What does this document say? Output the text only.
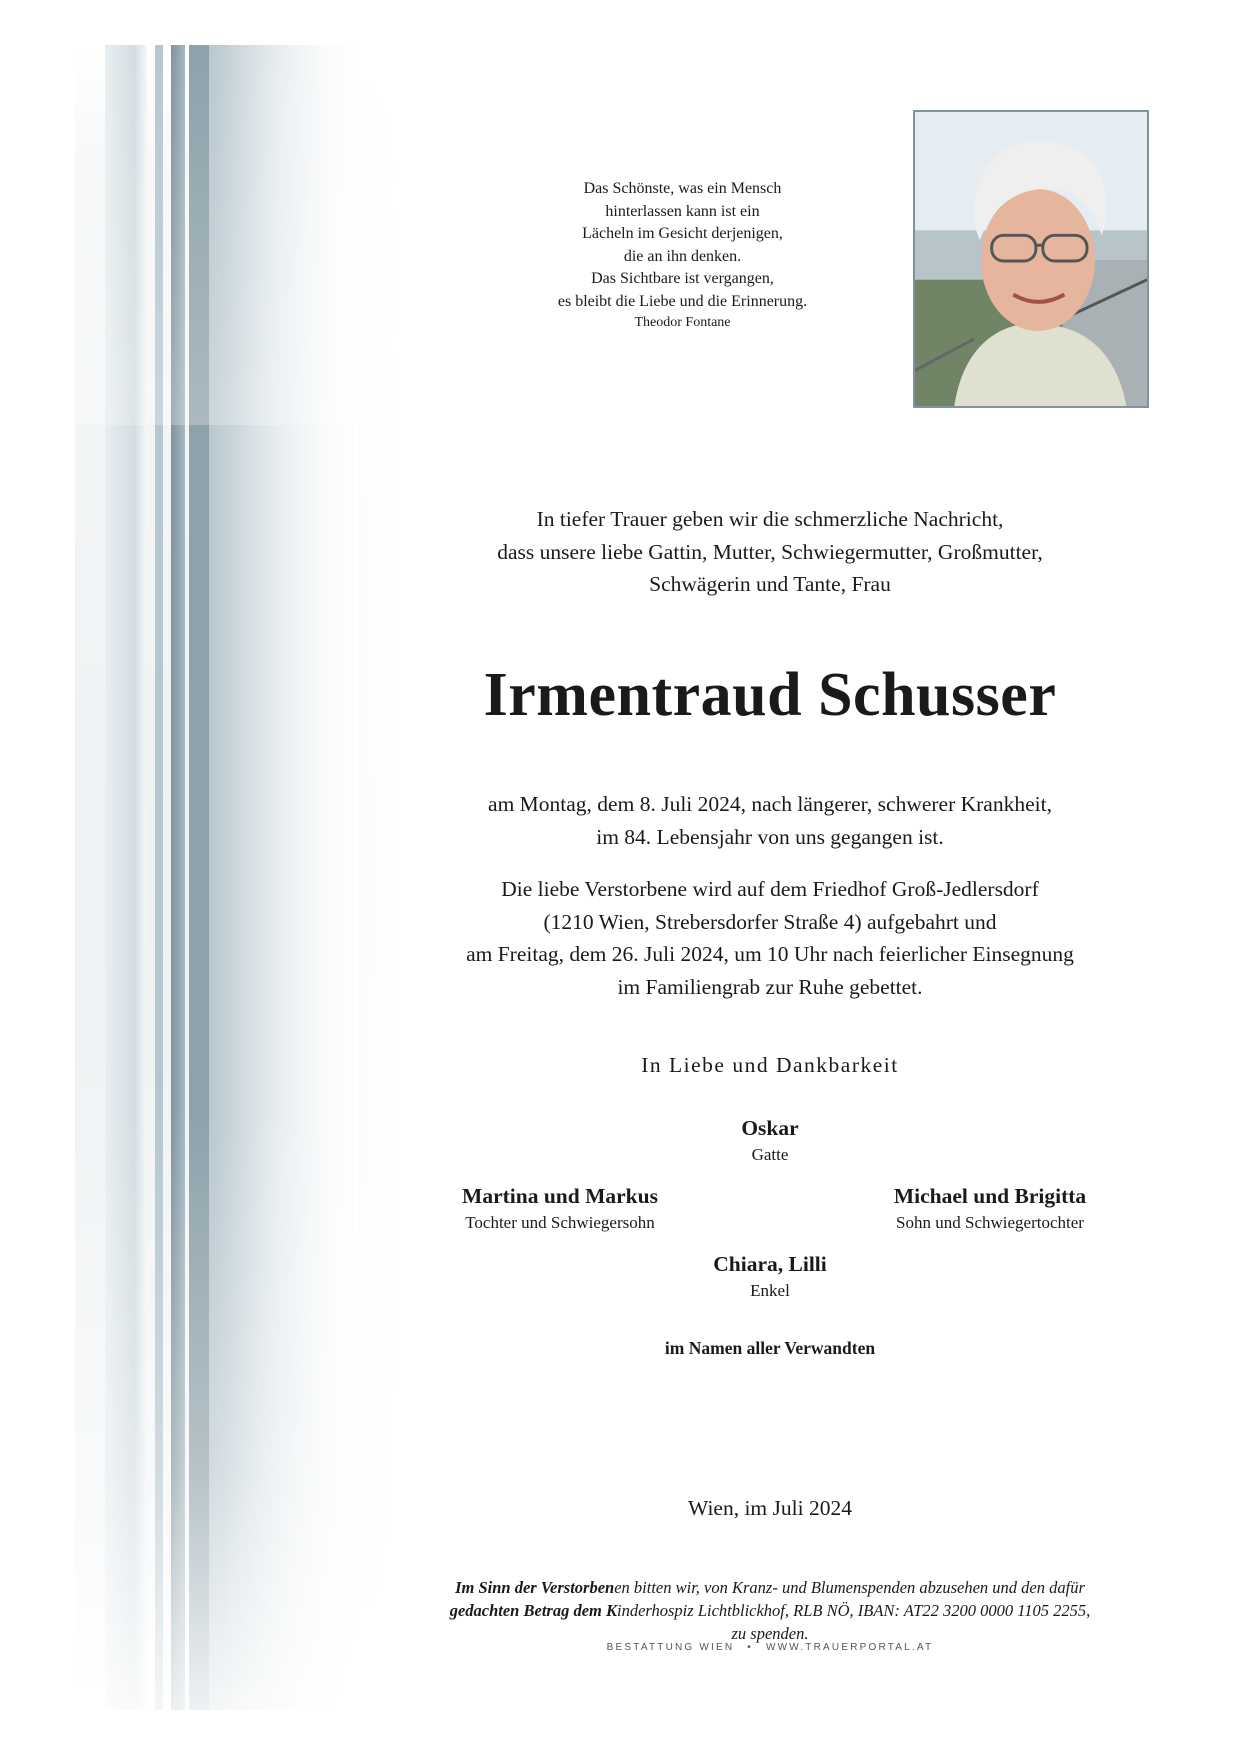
Das Schönste, was ein Mensch
hinterlassen kann ist ein
Lächeln im Gesicht derjenigen,
die an ihn denken.
Das Sichtbare ist vergangen,
es bleibt die Liebe und die Erinnerung.
Theodor Fontane
In tiefer Trauer geben wir die schmerzliche Nachricht,
dass unsere liebe Gattin, Mutter, Schwiegermutter, Großmutter,
Schwägerin und Tante, Frau
Irmentraud Schusser
am Montag, dem 8. Juli 2024, nach längerer, schwerer Krankheit,
im 84. Lebensjahr von uns gegangen ist.
Die liebe Verstorbene wird auf dem Friedhof Groß-Jedlersdorf
(1210 Wien, Strebersdorfer Straße 4) aufgebahrt und
am Freitag, dem 26. Juli 2024, um 10 Uhr nach feierlicher Einsegnung
im Familiengrab zur Ruhe gebettet.
In Liebe und Dankbarkeit
Oskar
Gatte
Martina und Markus
Tochter und Schwiegersohn
Michael und Brigitta
Sohn und Schwiegertochter
Chiara, Lilli
Enkel
im Namen aller Verwandten
Wien, im Juli 2024
Im Sinn der Verstorbenen bitten wir, von Kranz- und Blumenspenden abzusehen und den dafür
gedachten Betrag dem Kinderhospiz Lichtblickhof, RLB NÖ, IBAN: AT22 3200 0000 1105 2255,
zu spenden.
BESTATTUNG WIEN • WWW.TRAUERPORTAL.AT
